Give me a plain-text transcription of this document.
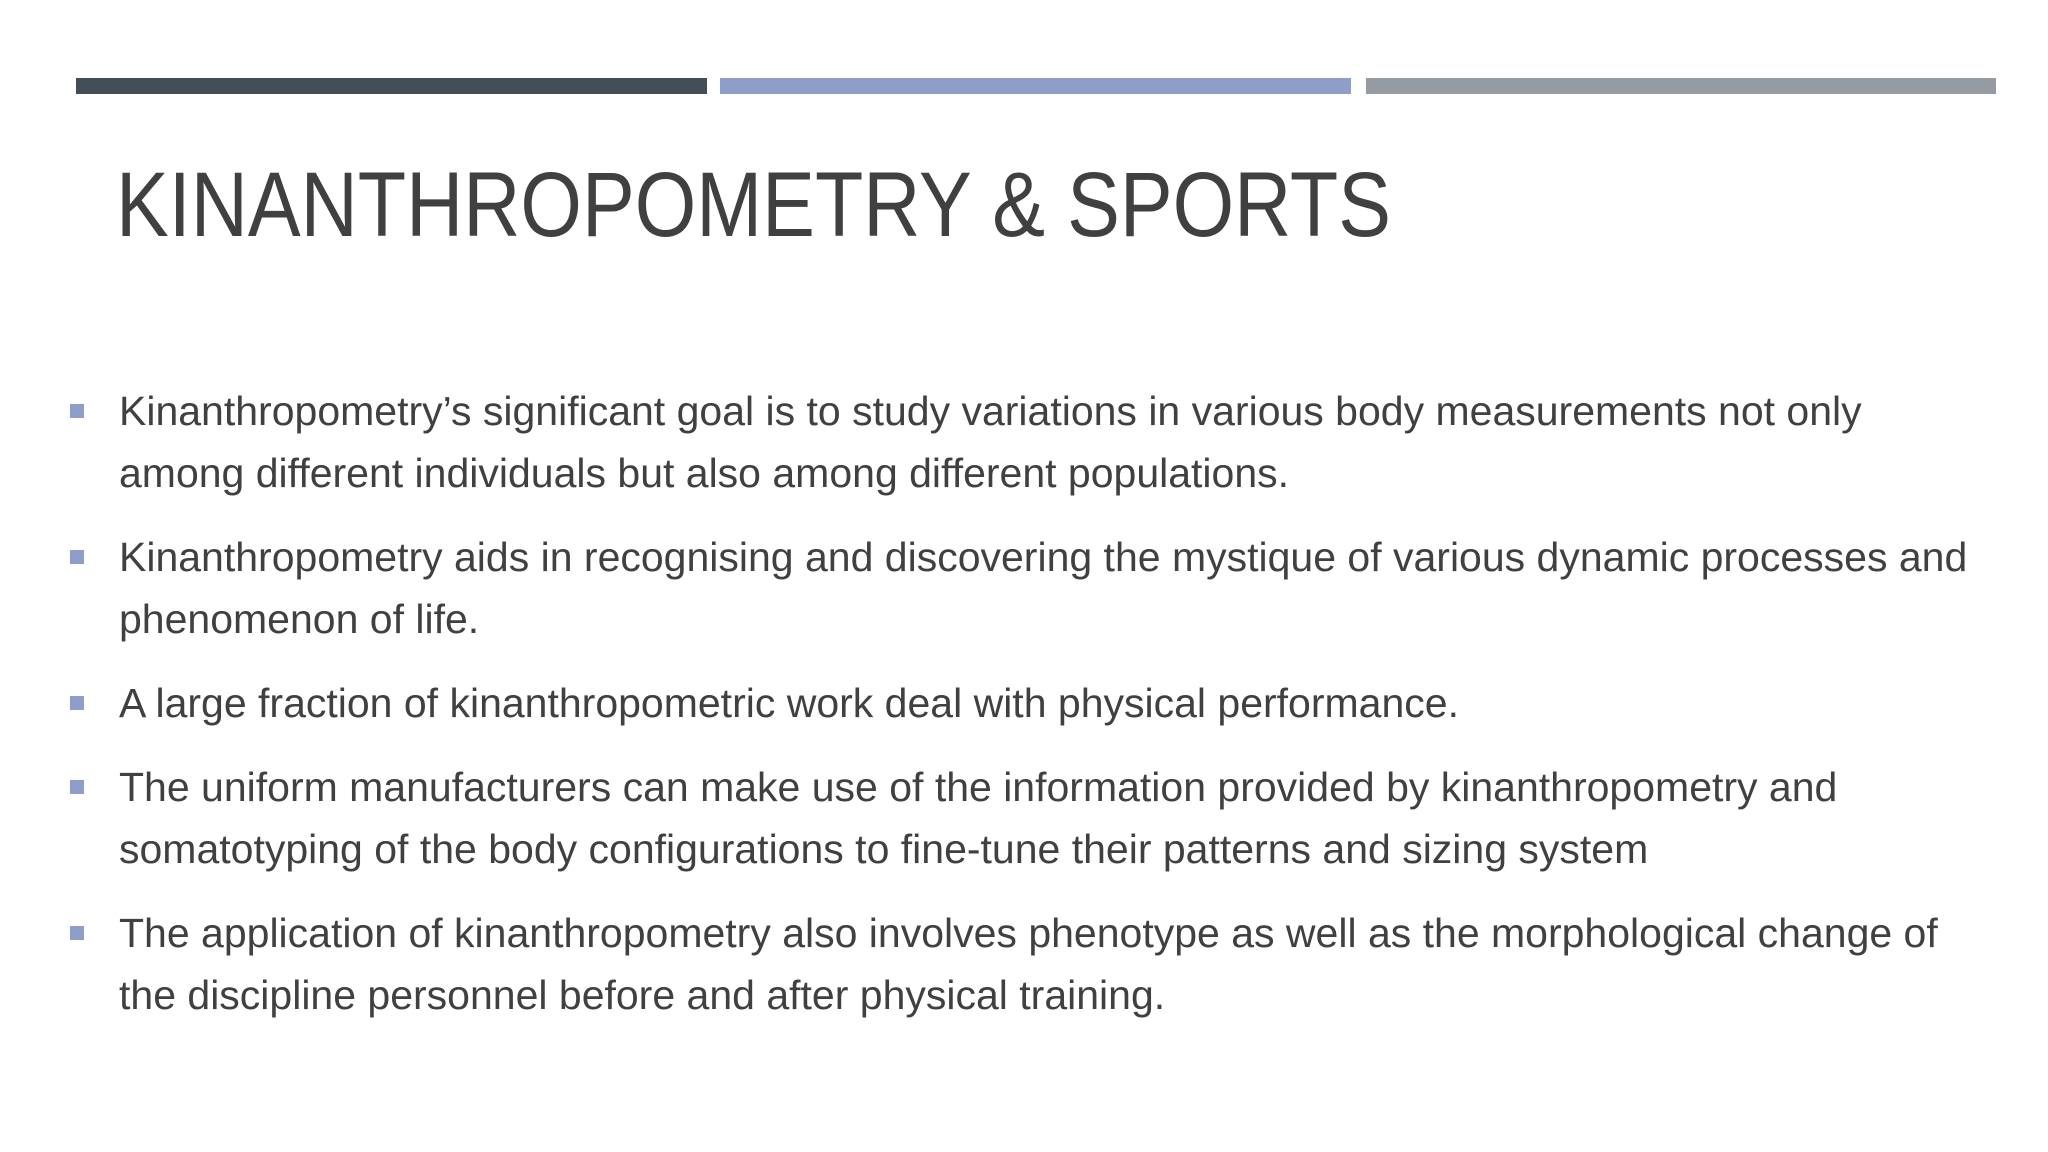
KINANTHROPOMETRY & SPORTS
Kinanthropometry’s significant goal is to study variations in various body measurements not only among different individuals but also among different populations.
Kinanthropometry aids in recognising and discovering the mystique of various dynamic processes and phenomenon of life.
A large fraction of kinanthropometric work deal with physical performance.
The uniform manufacturers can make use of the information provided by kinanthropometry and somatotyping of the body configurations to fine-tune their patterns and sizing system
The application of kinanthropometry also involves phenotype as well as the morphological change of the discipline personnel before and after physical training.
